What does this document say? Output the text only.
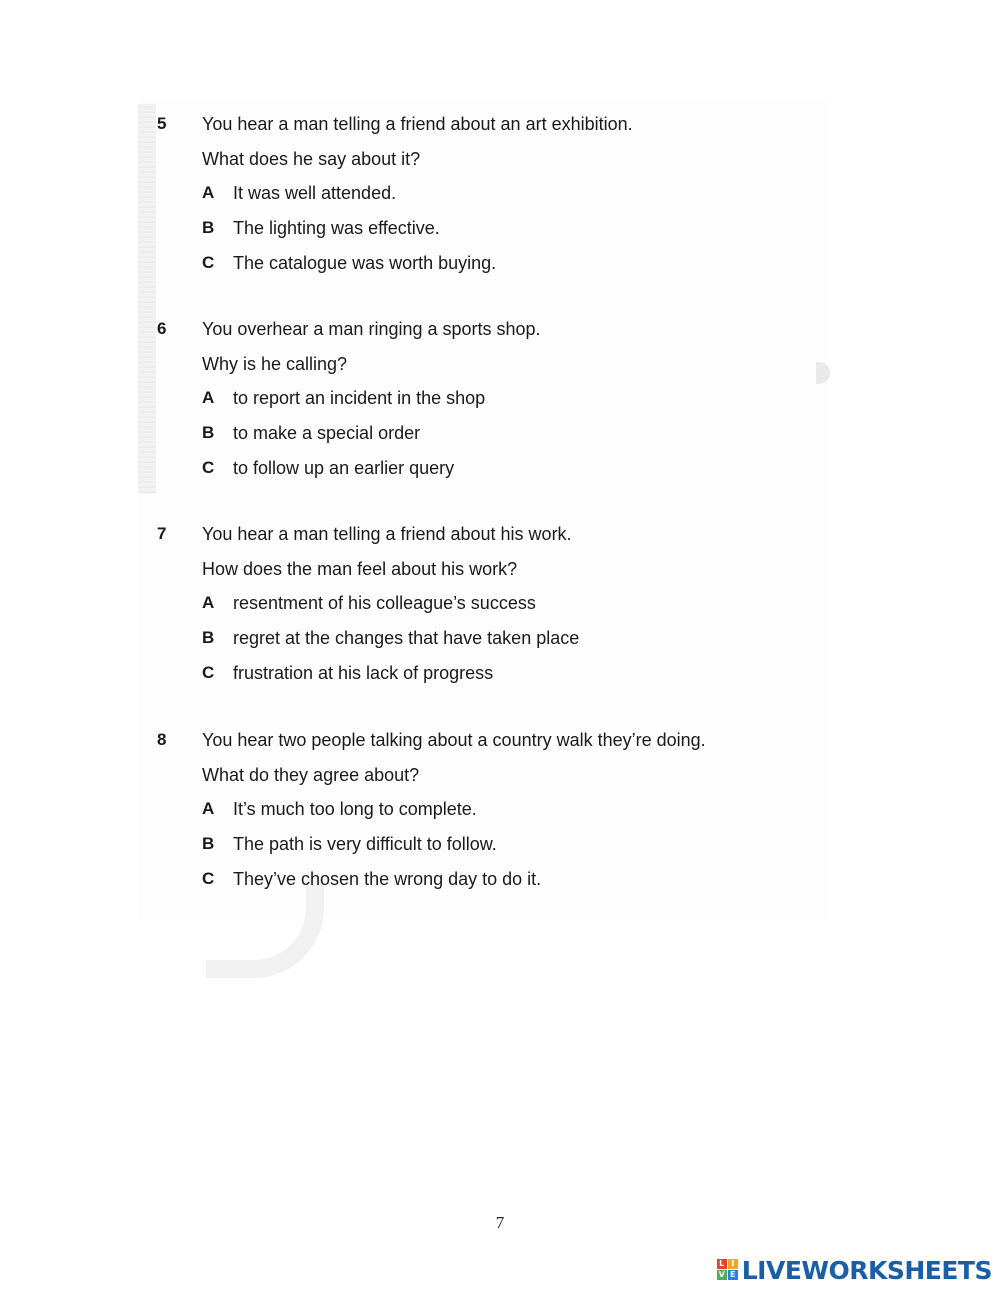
5 You hear a man telling a friend about an art exhibition.
What does he say about it?
A It was well attended.
B The lighting was effective.
C The catalogue was worth buying.
6 You overhear a man ringing a sports shop.
Why is he calling?
A to report an incident in the shop
B to make a special order
C to follow up an earlier query
7 You hear a man telling a friend about his work.
How does the man feel about his work?
A resentment of his colleague’s success
B regret at the changes that have taken place
C frustration at his lack of progress
8 You hear two people talking about a country walk they’re doing.
What do they agree about?
A It’s much too long to complete.
B The path is very difficult to follow.
C They’ve chosen the wrong day to do it.
7
L I
V E LIVEWORKSHEETS
